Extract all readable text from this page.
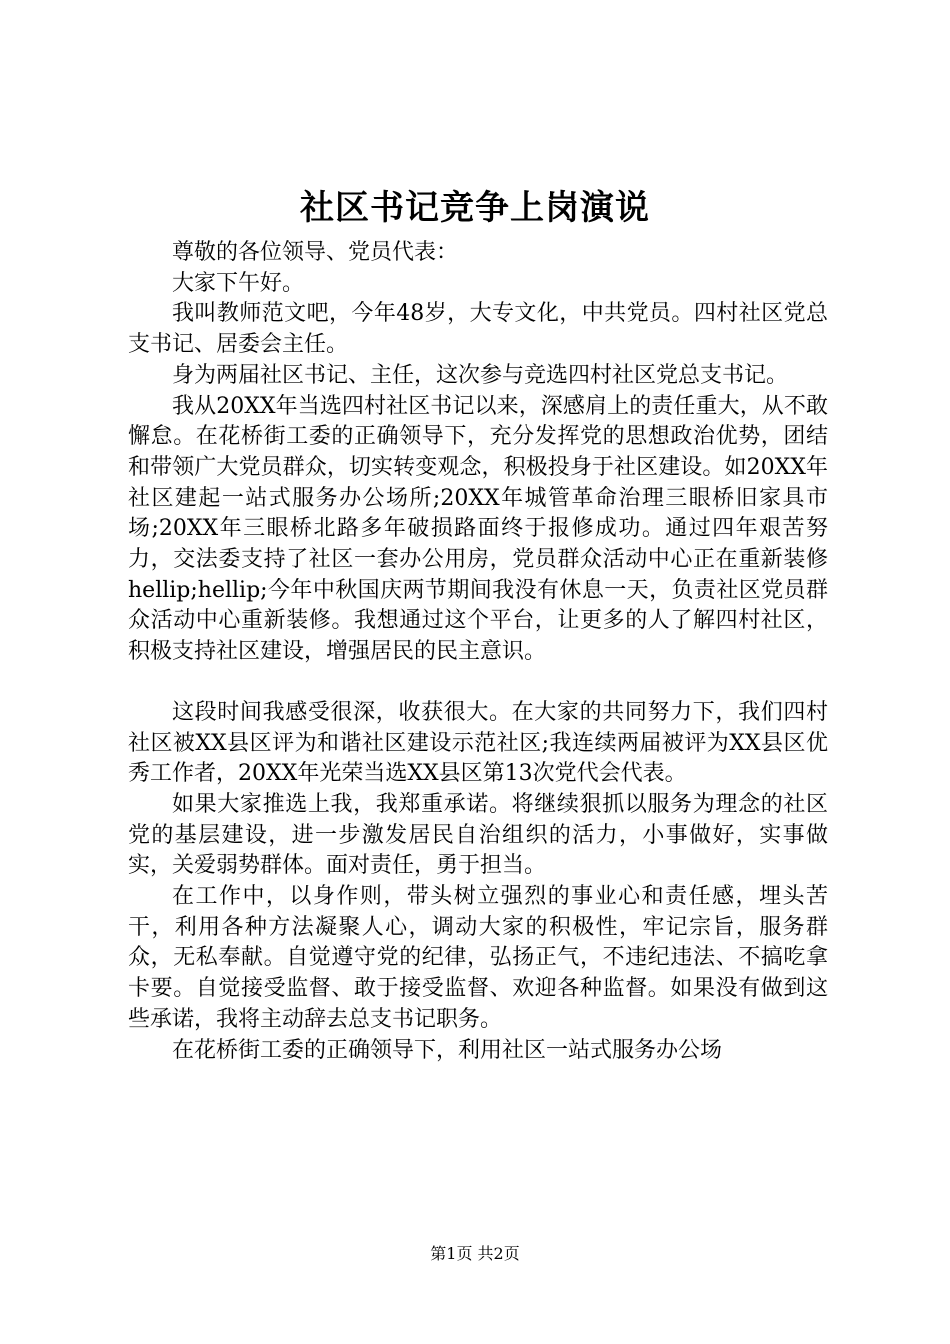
社区书记竞争上岗演说

尊敬的各位领导、党员代表：

大家下午好。

我叫教师范文吧，今年48岁，大专文化，中共党员。四村社区党总支书记、居委会主任。

身为两届社区书记、主任，这次参与竞选四村社区党总支书记。

我从20XX年当选四村社区书记以来，深感肩上的责任重大，从不敢懈怠。在花桥街工委的正确领导下，充分发挥党的思想政治优势，团结和带领广大党员群众，切实转变观念，积极投身于社区建设。如20XX年社区建起一站式服务办公场所;20XX年城管革命治理三眼桥旧家具市场;20XX年三眼桥北路多年破损路面终于报修成功。通过四年艰苦努力，交法委支持了社区一套办公用房，党员群众活动中心正在重新装修hellip;hellip;今年中秋国庆两节期间我没有休息一天，负责社区党员群众活动中心重新装修。我想通过这个平台，让更多的人了解四村社区，积极支持社区建设，增强居民的民主意识。

这段时间我感受很深，收获很大。在大家的共同努力下，我们四村社区被XX县区评为和谐社区建设示范社区;我连续两届被评为XX县区优秀工作者，20XX年光荣当选XX县区第13次党代会代表。

如果大家推选上我，我郑重承诺。将继续狠抓以服务为理念的社区党的基层建设，进一步激发居民自治组织的活力，小事做好，实事做实，关爱弱势群体。面对责任，勇于担当。

在工作中，以身作则，带头树立强烈的事业心和责任感，埋头苦干，利用各种方法凝聚人心，调动大家的积极性，牢记宗旨，服务群众，无私奉献。自觉遵守党的纪律，弘扬正气，不违纪违法、不搞吃拿卡要。自觉接受监督、敢于接受监督、欢迎各种监督。如果没有做到这些承诺，我将主动辞去总支书记职务。

在花桥街工委的正确领导下，利用社区一站式服务办公场

第1页 共2页
